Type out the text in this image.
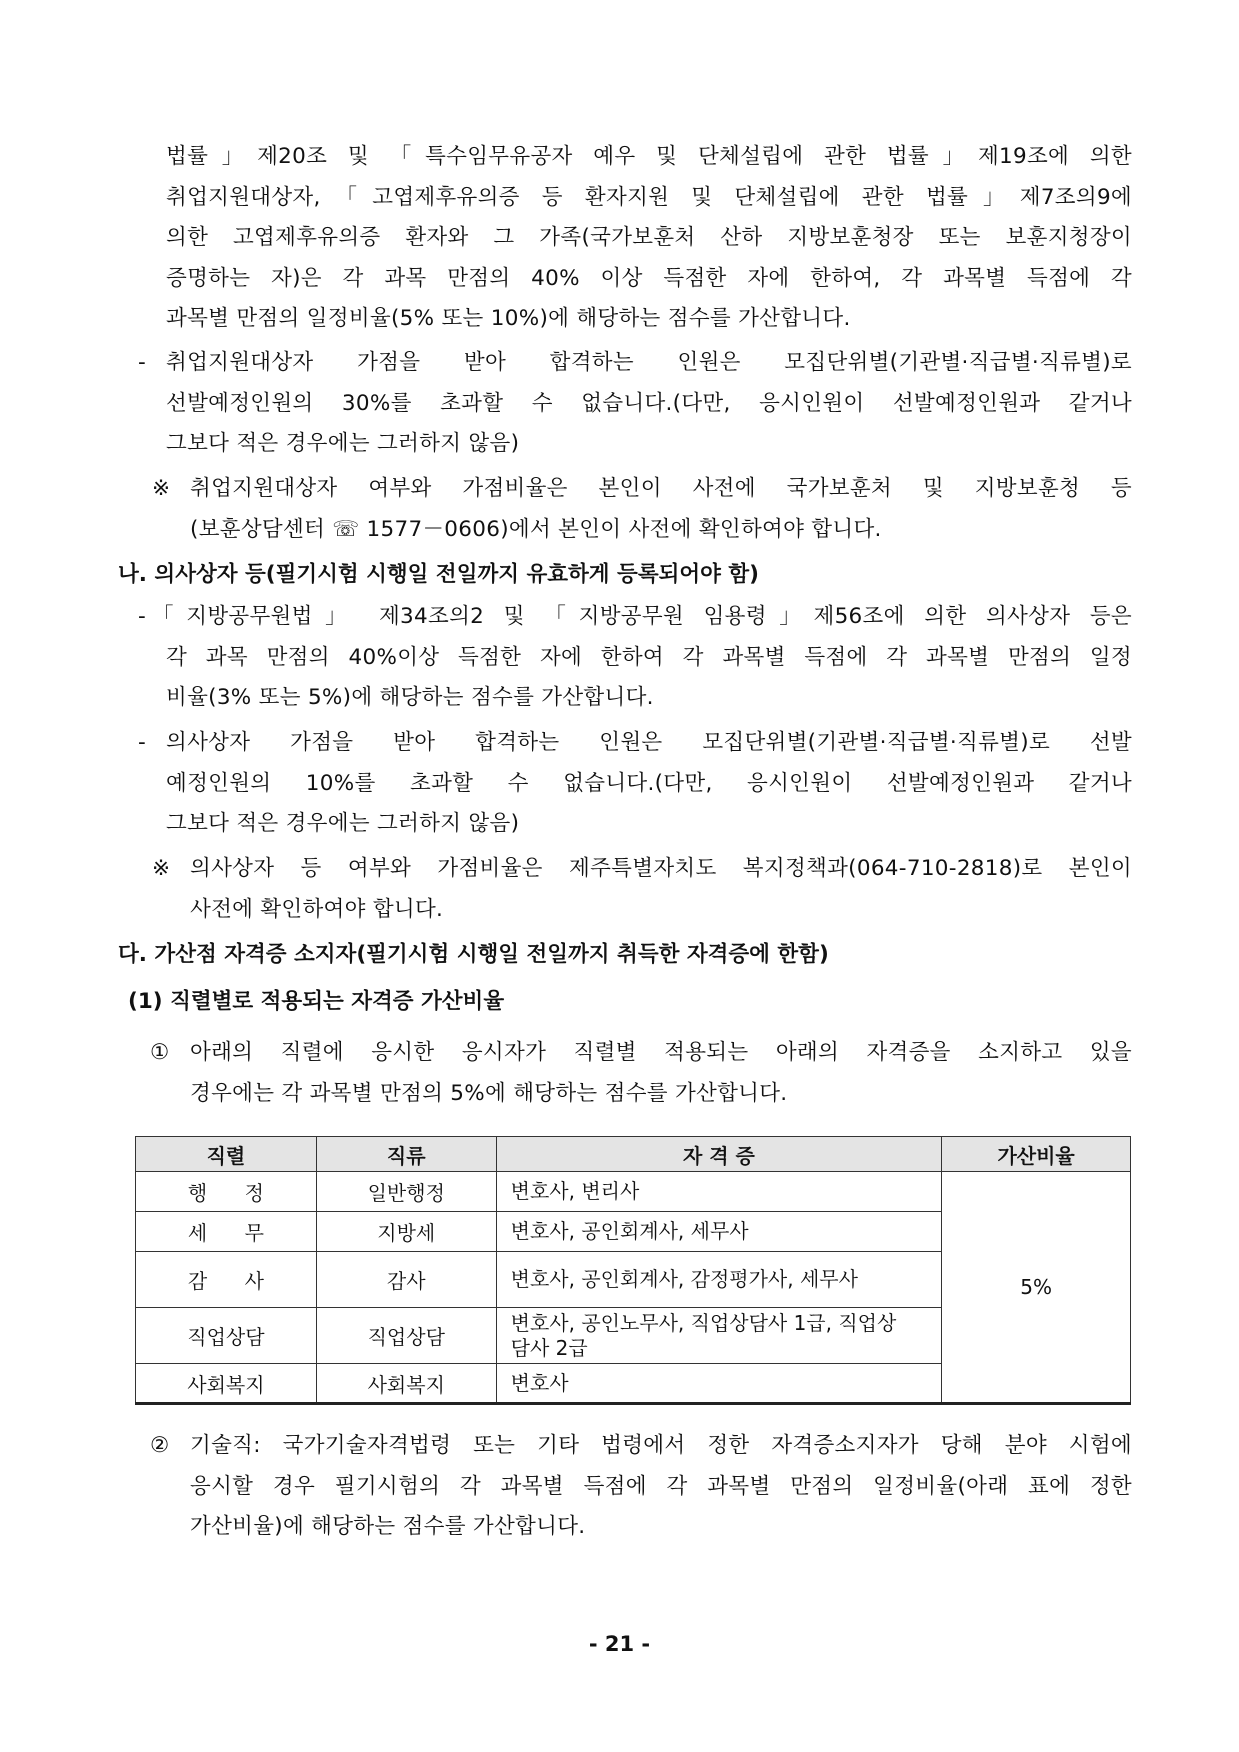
법률」제20조 및 「특수임무유공자 예우 및 단체설립에 관한 법률」제19조에 의한
취업지원대상자,「고엽제후유의증 등 환자지원 및 단체설립에 관한 법률」제7조의9에
의한 고엽제후유의증 환자와 그 가족(국가보훈처 산하 지방보훈청장 또는 보훈지청장이
증명하는 자)은 각 과목 만점의 40% 이상 득점한 자에 한하여, 각 과목별 득점에 각
과목별 만점의 일정비율(5% 또는 10%)에 해당하는 점수를 가산합니다.
- 취업지원대상자 가점을 받아 합격하는 인원은 모집단위별(기관별·직급별·직류별)로
선발예정인원의 30%를 초과할 수 없습니다.(다만, 응시인원이 선발예정인원과 같거나
그보다 적은 경우에는 그러하지 않음)
※ 취업지원대상자 여부와 가점비율은 본인이 사전에 국가보훈처 및 지방보훈청 등
(보훈상담센터 ☏ 1577－0606)에서 본인이 사전에 확인하여야 합니다.
나. 의사상자 등(필기시험 시행일 전일까지 유효하게 등록되어야 함)
- 「지방공무원법」 제34조의2 및 「지방공무원 임용령」제56조에 의한 의사상자 등은
각 과목 만점의 40%이상 득점한 자에 한하여 각 과목별 득점에 각 과목별 만점의 일정
비율(3% 또는 5%)에 해당하는 점수를 가산합니다.
- 의사상자 가점을 받아 합격하는 인원은 모집단위별(기관별·직급별·직류별)로 선발
예정인원의 10%를 초과할 수 없습니다.(다만, 응시인원이 선발예정인원과 같거나
그보다 적은 경우에는 그러하지 않음)
※ 의사상자 등 여부와 가점비율은 제주특별자치도 복지정책과(064-710-2818)로 본인이
사전에 확인하여야 합니다.
다. 가산점 자격증 소지자(필기시험 시행일 전일까지 취득한 자격증에 한함)
(1) 직렬별로 적용되는 자격증 가산비율
① 아래의 직렬에 응시한 응시자가 직렬별 적용되는 아래의 자격증을 소지하고 있을
경우에는 각 과목별 만점의 5%에 해당하는 점수를 가산합니다.
직렬	직류	자 격 증	가산비율
행 정	일반행정	변호사, 변리사	5%
세 무	지방세	변호사, 공인회계사, 세무사	
감 사	감사	변호사, 공인회계사, 감정평가사, 세무사	
직업상담	직업상담	변호사, 공인노무사, 직업상담사 1급, 직업상담사 2급	
사회복지	사회복지	변호사	
② 기술직: 국가기술자격법령 또는 기타 법령에서 정한 자격증소지자가 당해 분야 시험에
응시할 경우 필기시험의 각 과목별 득점에 각 과목별 만점의 일정비율(아래 표에 정한
가산비율)에 해당하는 점수를 가산합니다.
- 21 -
